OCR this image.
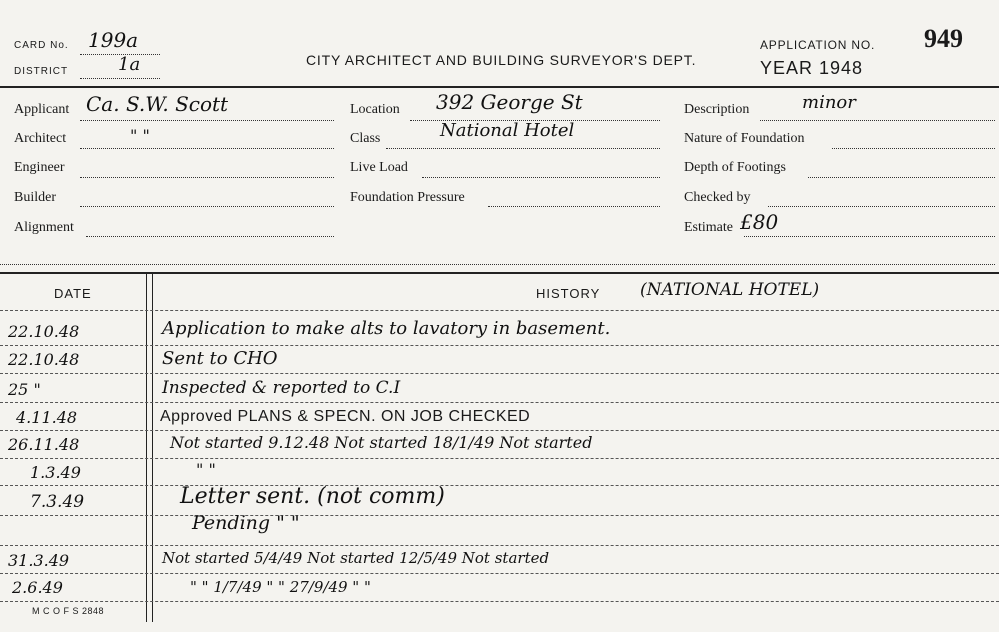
CARD No. 199a
DISTRICT	1a	CITY ARCHITECT AND BUILDING SURVEYOR'S DEPT.
APPLICATION NO. 949
YEAR 1948
Applicant Ca. S.W. Scott
Architect	" "
Engineer
Builder
Alignment
Location 392 George St
Class	National Hotel
Live Load
Foundation Pressure
Description	minor
Nature of Foundation
Depth of Footings
Checked by
Estimate £80
DATE	HISTORY (NATIONAL HOTEL)
22.10.48	Application to make alts to lavatory in basement.
22.10.48	Sent to CHO
25 "	Inspected & reported to C.I
4.11.48	Approved PLANS & SPECN. ON JOB CHECKED
26.11.48	Not started 9.12.48 Not started 18/1/49 Not started
1.3.49	" "
7.3.49	Letter sent. (not comm)
Pending " "
31.3.49	Not started 5/4/49 Not started 12/5/49 Not started
2.6.49	" " 1/7/49 " " 27/9/49 " "
M C O F S 2848
